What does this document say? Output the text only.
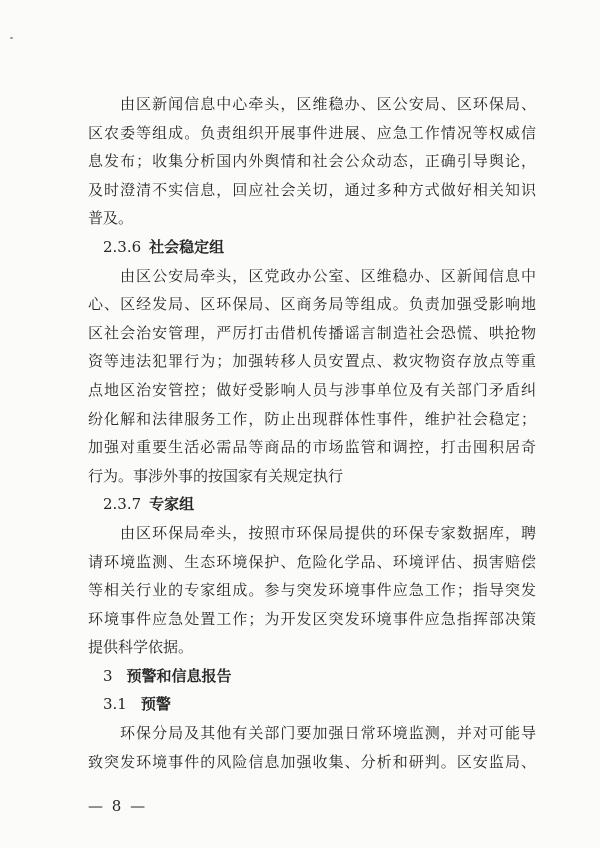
由区新闻信息中心牵头，区维稳办、区公安局、区环保局、
区农委等组成。负责组织开展事件进展、应急工作情况等权威信
息发布；收集分析国内外舆情和社会公众动态，正确引导舆论，
及时澄清不实信息，回应社会关切，通过多种方式做好相关知识
普及。
2.3.6 社会稳定组
由区公安局牵头，区党政办公室、区维稳办、区新闻信息中
心、区经发局、区环保局、区商务局等组成。负责加强受影响地
区社会治安管理，严厉打击借机传播谣言制造社会恐慌、哄抢物
资等违法犯罪行为；加强转移人员安置点、救灾物资存放点等重
点地区治安管控；做好受影响人员与涉事单位及有关部门矛盾纠
纷化解和法律服务工作，防止出现群体性事件，维护社会稳定；
加强对重要生活必需品等商品的市场监管和调控，打击囤积居奇
行为。事涉外事的按国家有关规定执行
2.3.7 专家组
由区环保局牵头，按照市环保局提供的环保专家数据库，聘
请环境监测、生态环境保护、危险化学品、环境评估、损害赔偿
等相关行业的专家组成。参与突发环境事件应急工作；指导突发
环境事件应急处置工作；为开发区突发环境事件应急指挥部决策
提供科学依据。
3 预警和信息报告
3.1 预警
环保分局及其他有关部门要加强日常环境监测，并对可能导
致突发环境事件的风险信息加强收集、分析和研判。区安监局、
— 8 —
